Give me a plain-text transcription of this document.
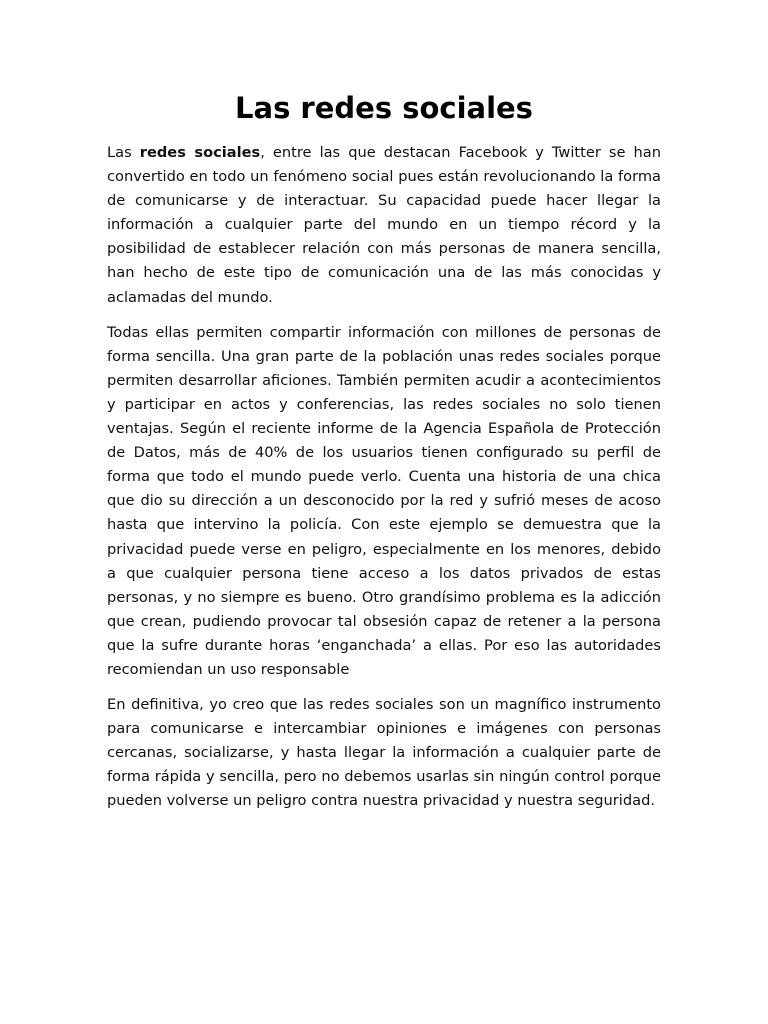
Las redes sociales

Las redes sociales, entre las que destacan Facebook y Twitter se han convertido en todo un fenómeno social pues están revolucionando la forma de comunicarse y de interactuar. Su capacidad puede hacer llegar la información a cualquier parte del mundo en un tiempo récord y la posibilidad de establecer relación con más personas de manera sencilla, han hecho de este tipo de comunicación una de las más conocidas y aclamadas del mundo.

Todas ellas permiten compartir información con millones de personas de forma sencilla. Una gran parte de la población unas redes sociales porque permiten desarrollar aficiones. También permiten acudir a acontecimientos y participar en actos y conferencias, las redes sociales no solo tienen ventajas. Según el reciente informe de la Agencia Española de Protección de Datos, más de 40% de los usuarios tienen configurado su perfil de forma que todo el mundo puede verlo. Cuenta una historia de una chica que dio su dirección a un desconocido por la red y sufrió meses de acoso hasta que intervino la policía. Con este ejemplo se demuestra que la privacidad puede verse en peligro, especialmente en los menores, debido a que cualquier persona tiene acceso a los datos privados de estas personas, y no siempre es bueno. Otro grandísimo problema es la adicción que crean, pudiendo provocar tal obsesión capaz de retener a la persona que la sufre durante horas ‘enganchada’ a ellas. Por eso las autoridades recomiendan un uso responsable

En definitiva, yo creo que las redes sociales son un magnífico instrumento para comunicarse e intercambiar opiniones e imágenes con personas cercanas, socializarse, y hasta llegar la información a cualquier parte de forma rápida y sencilla, pero no debemos usarlas sin ningún control porque pueden volverse un peligro contra nuestra privacidad y nuestra seguridad.
